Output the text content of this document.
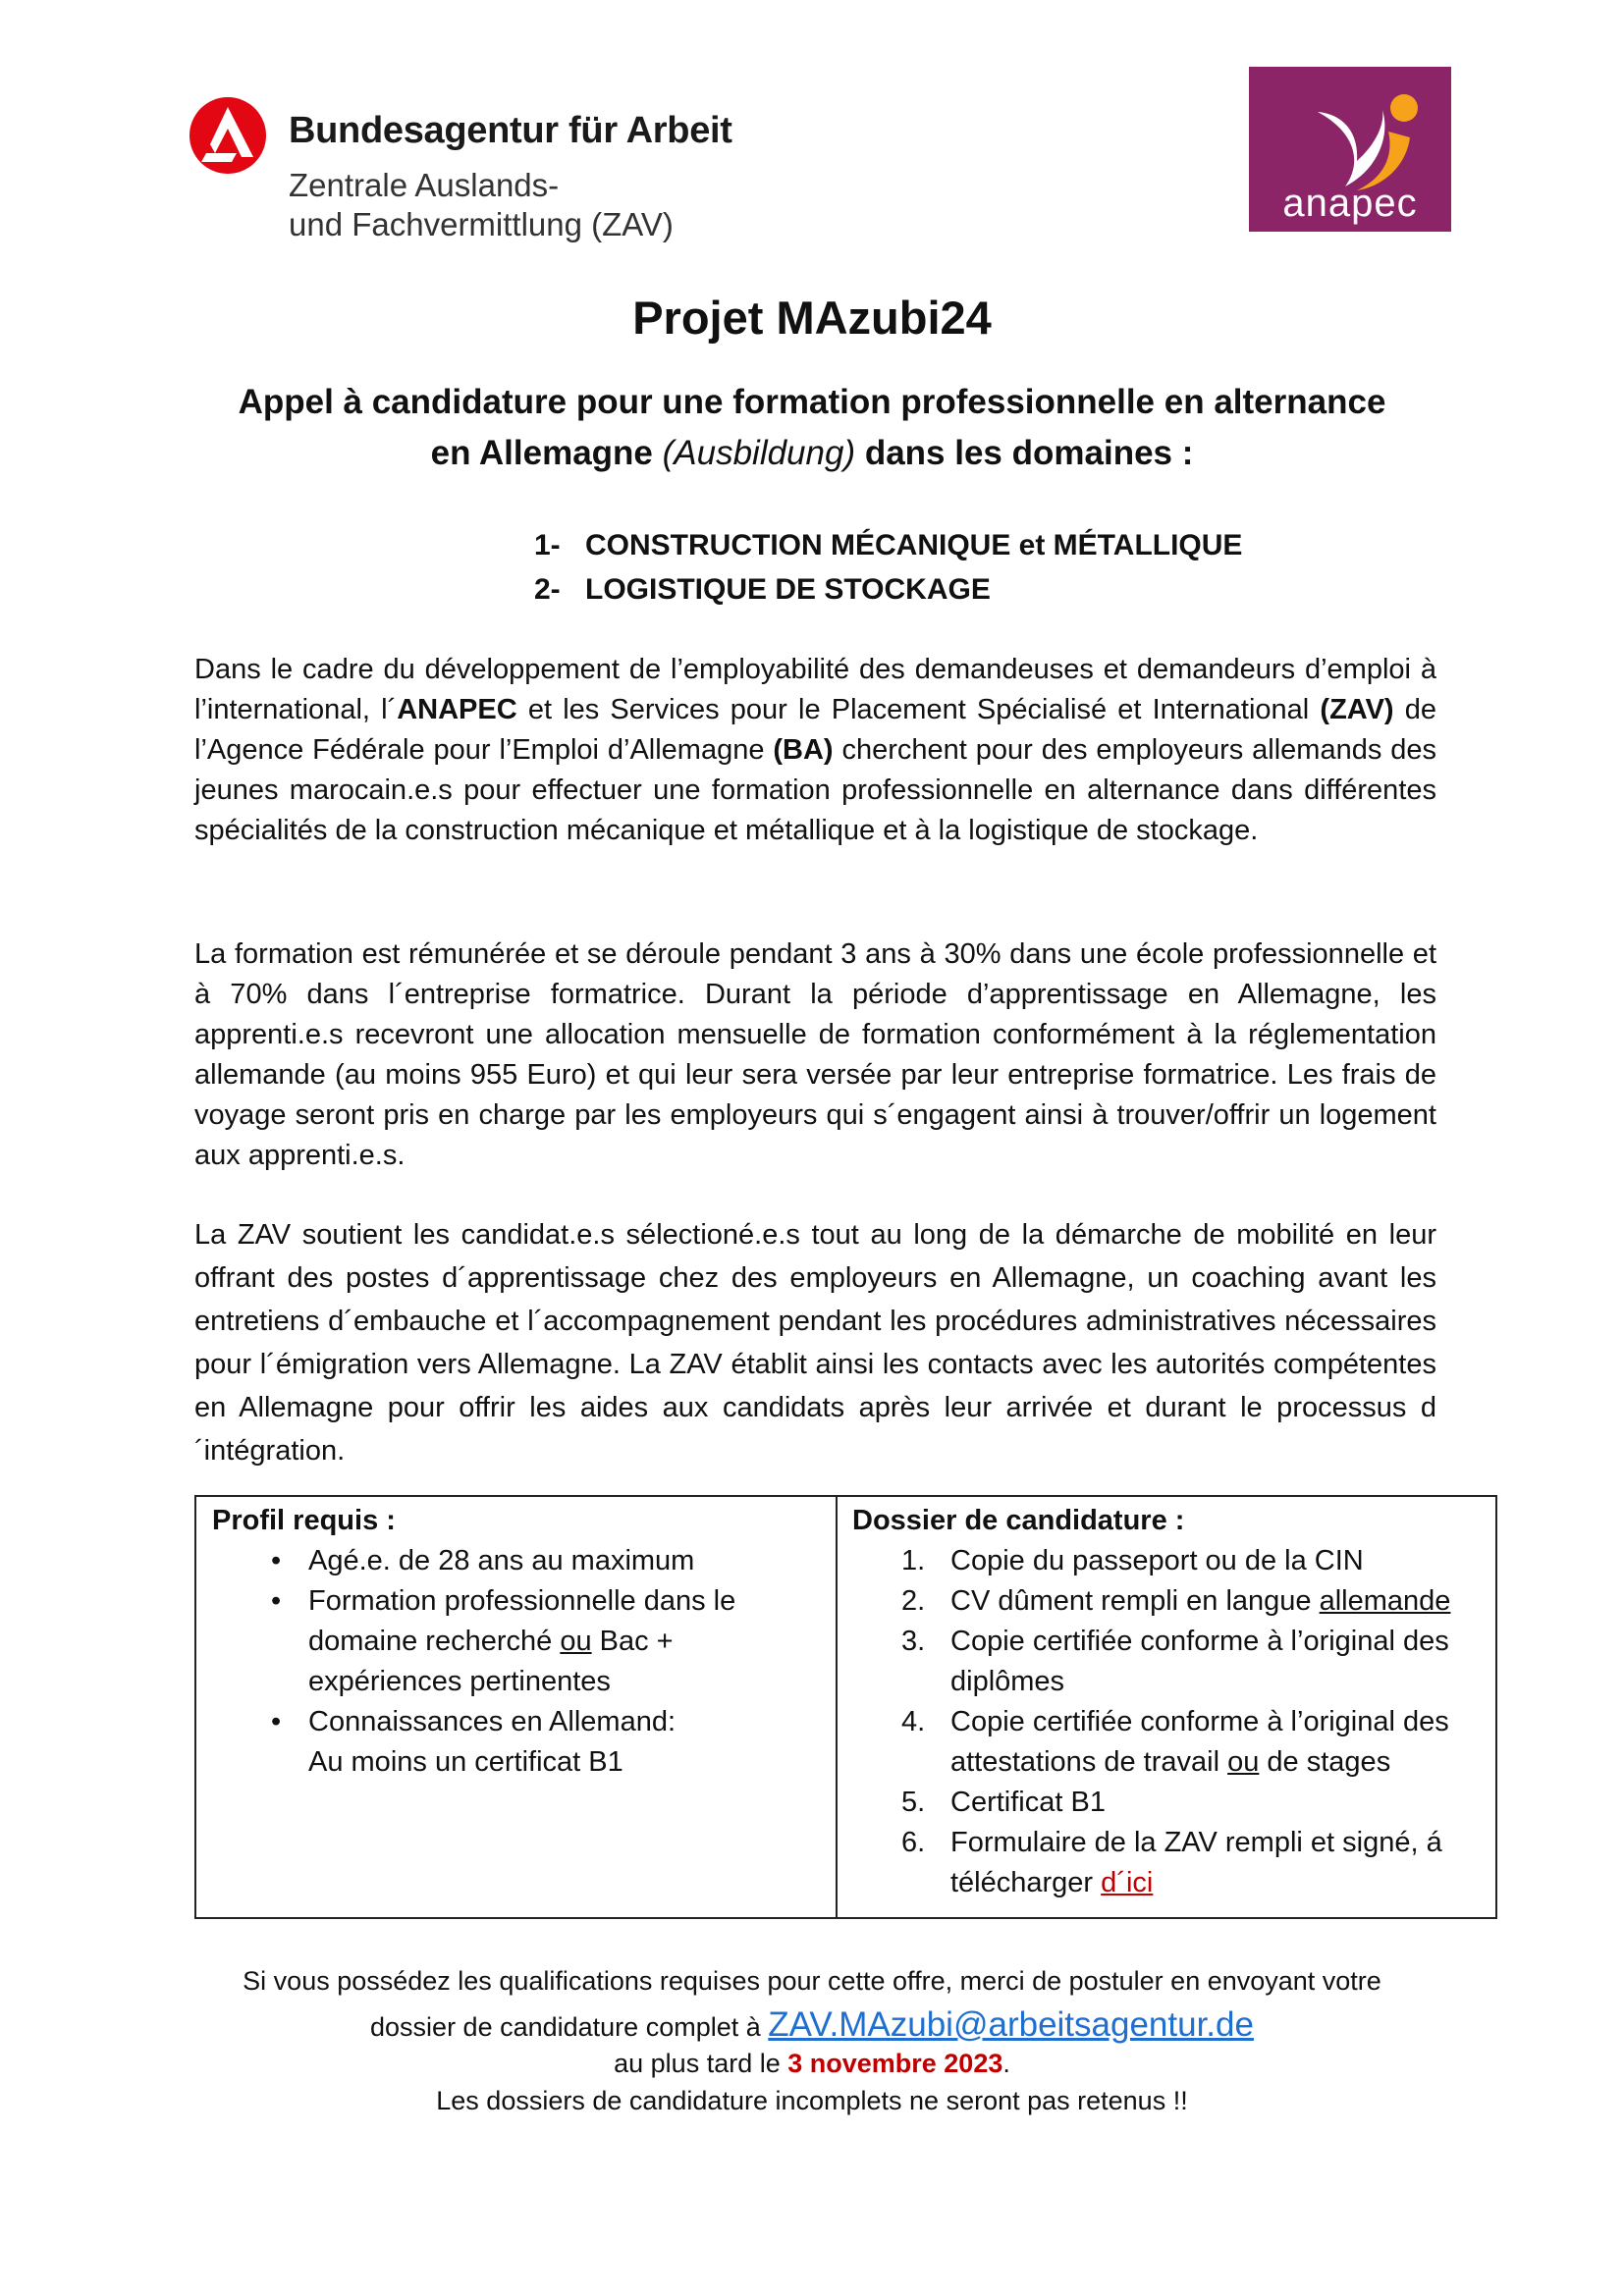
Bundesagentur für Arbeit
Zentrale Auslands-
und Fachvermittlung (ZAV)	anapec
Projet MAzubi24
Appel à candidature pour une formation professionnelle en alternance
en Allemagne (Ausbildung) dans les domaines :
1- CONSTRUCTION MÉCANIQUE et MÉTALLIQUE
2- LOGISTIQUE DE STOCKAGE
Dans le cadre du développement de l’employabilité des demandeuses et demandeurs d’emploi à l’international, l´ANAPEC et les Services pour le Placement Spécialisé et International (ZAV) de l’Agence Fédérale pour l’Emploi d’Allemagne (BA) cherchent pour des employeurs allemands des jeunes marocain.e.s pour effectuer une formation professionnelle en alternance dans différentes spécialités de la construction mécanique et métallique et à la logistique de stockage.
La formation est rémunérée et se déroule pendant 3 ans à 30% dans une école professionnelle et à 70% dans l´entreprise formatrice. Durant la période d’apprentissage en Allemagne, les apprenti.e.s recevront une allocation mensuelle de formation conformément à la réglementation allemande (au moins 955 Euro) et qui leur sera versée par leur entreprise formatrice. Les frais de voyage seront pris en charge par les employeurs qui s´engagent ainsi à trouver/offrir un logement aux apprenti.e.s.
La ZAV soutient les candidat.e.s sélectioné.e.s tout au long de la démarche de mobilité en leur offrant des postes d´apprentissage chez des employeurs en Allemagne, un coaching avant les entretiens d´embauche et l´accompagnement pendant les procédures administratives nécessaires pour l´émigration vers Allemagne. La ZAV établit ainsi les contacts avec les autorités compétentes en Allemagne pour offrir les aides aux candidats après leur arrivée et durant le processus d´intégration.
Profil requis :
• Agé.e. de 28 ans au maximum
• Formation professionnelle dans le domaine recherché ou Bac + expériences pertinentes
• Connaissances en Allemand:
Au moins un certificat B1
Dossier de candidature :
1. Copie du passeport ou de la CIN
2. CV dûment rempli en langue allemande
3. Copie certifiée conforme à l’original des diplômes
4. Copie certifiée conforme à l’original des attestations de travail ou de stages
5. Certificat B1
6. Formulaire de la ZAV rempli et signé, á télécharger d´ici
Si vous possédez les qualifications requises pour cette offre, merci de postuler en envoyant votre
dossier de candidature complet à ZAV.MAzubi@arbeitsagentur.de
au plus tard le 3 novembre 2023.
Les dossiers de candidature incomplets ne seront pas retenus !!
